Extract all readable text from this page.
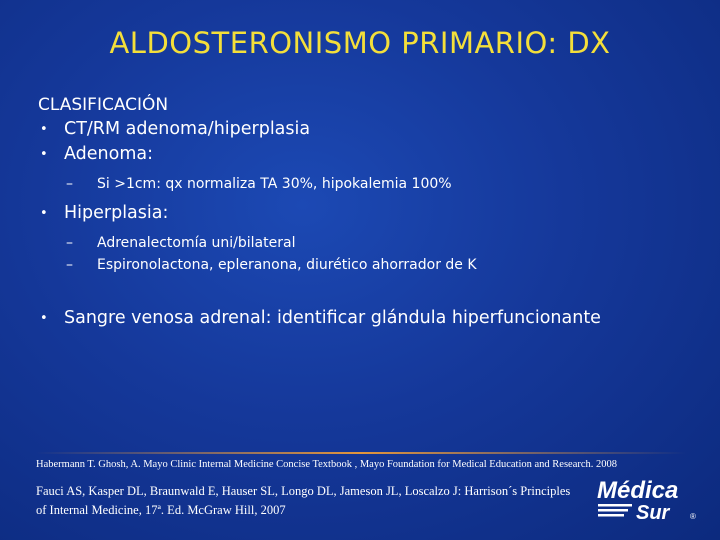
ALDOSTERONISMO PRIMARIO: DX
CLASIFICACIÓN
• CT/RM adenoma/hiperplasia
• Adenoma:
– Si >1cm: qx normaliza TA 30%, hipokalemia 100%
• Hiperplasia:
– Adrenalectomía uni/bilateral
– Espironolactona, epleranona, diurético ahorrador de K
• Sangre venosa adrenal: identificar glándula hiperfuncionante
Habermann T. Ghosh, A. Mayo Clinic Internal Medicine Concise Textbook , Mayo Foundation for Medical Education and Research. 2008
Fauci AS, Kasper DL, Braunwald E, Hauser SL, Longo DL, Jameson JL, Loscalzo J: Harrison´s Principles
of Internal Medicine, 17ª. Ed. McGraw Hill, 2007
Médica
Sur	®
